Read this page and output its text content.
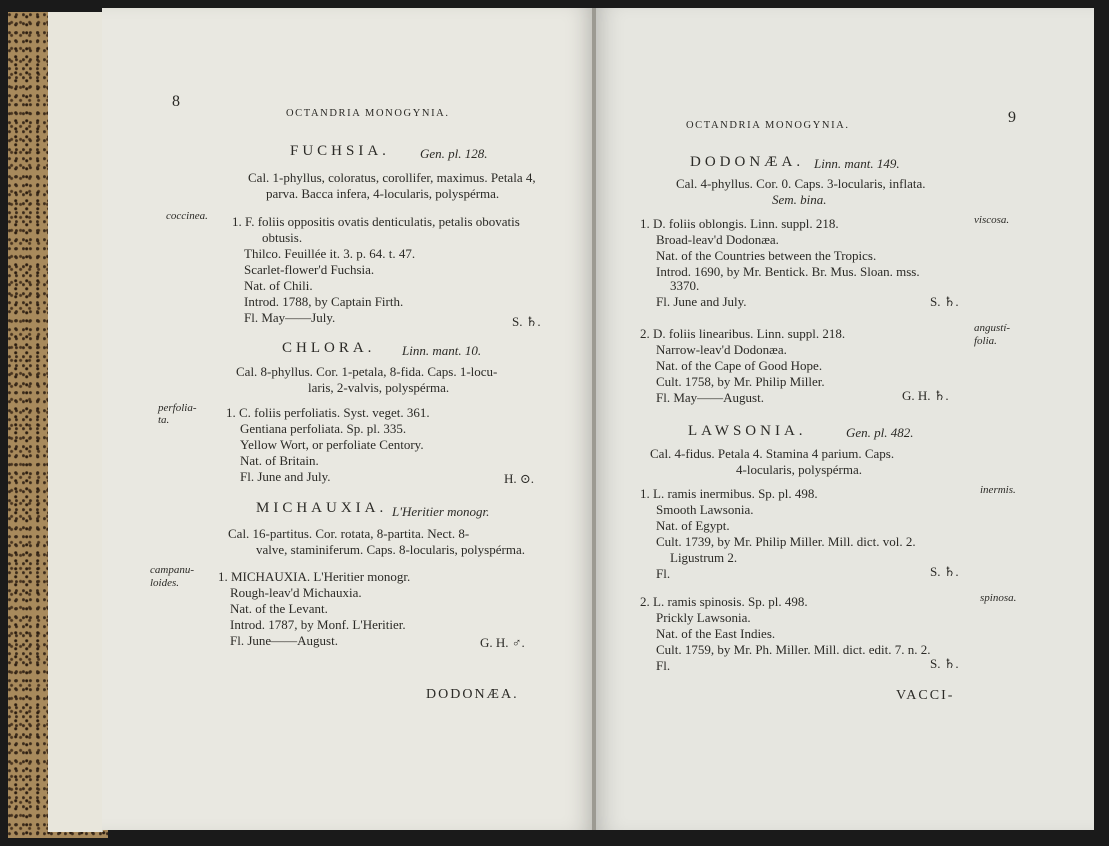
8
OCTANDRIA MONOGYNIA.
FUCHSIA. Gen. pl. 128.
Cal. 1-phyllus, coloratus, corollifer, maximus. Petala 4,
parva. Bacca infera, 4-locularis, polyspérma.
coccinea. 1. F. foliis oppositis ovatis denticulatis, petalis obovatis
obtusis.
Thilco. Feuillée it. 3. p. 64. t. 47.
Scarlet-flower'd Fuchsia.
Nat. of Chili.
Introd. 1788, by Captain Firth.
Fl. May——July.	S. ♄.
CHLORA. Linn. mant. 10.
Cal. 8-phyllus. Cor. 1-petala, 8-fida. Caps. 1-locu-
laris, 2-valvis, polyspérma.
perfolia-
ta.	1. C. foliis perfoliatis. Syst. veget. 361.
Gentiana perfoliata. Sp. pl. 335.
Yellow Wort, or perfoliate Centory.
Nat. of Britain.
Fl. June and July.	H. ⊙.
MICHAUXIA. L'Heritier monogr.
Cal. 16-partitus. Cor. rotata, 8-partita. Nect. 8-
valve, staminiferum. Caps. 8-locularis, polyspérma.
campanu-
loides.	1. MICHAUXIA. L'Heritier monogr.
Rough-leav'd Michauxia.
Nat. of the Levant.
Introd. 1787, by Monf. L'Heritier.
Fl. June——August.	G. H. ♂.
DODONÆA.
OCTANDRIA MONOGYNIA.	9
DODONÆA. Linn. mant. 149.
Cal. 4-phyllus. Cor. 0. Caps. 3-locularis, inflata.
Sem. bina.
1. D. foliis oblongis. Linn. suppl. 218.	viscosa.
Broad-leav'd Dodonæa.
Nat. of the Countries between the Tropics.
Introd. 1690, by Mr. Bentick. Br. Mus. Sloan. mss.
3370.
Fl. June and July.	S. ♄.
2. D. foliis linearibus. Linn. suppl. 218.	angustí-
folia.
Narrow-leav'd Dodonæa.
Nat. of the Cape of Good Hope.
Cult. 1758, by Mr. Philip Miller.
Fl. May——August.	G. H. ♄.
LAWSONIA.	Gen. pl. 482.
Cal. 4-fidus. Petala 4. Stamina 4 parium. Caps.
4-locularis, polyspérma.
1. L. ramis inermibus. Sp. pl. 498.	inermis.
Smooth Lawsonia.
Nat. of Egypt.
Cult. 1739, by Mr. Philip Miller. Mill. dict. vol. 2.
Ligustrum 2.
Fl.	S. ♄.
2. L. ramis spinosis. Sp. pl. 498.	spinosa.
Prickly Lawsonia.
Nat. of the East Indies.
Cult. 1759, by Mr. Ph. Miller. Mill. dict. edit. 7. n. 2.
Fl.	S. ♄.
VACCI-
